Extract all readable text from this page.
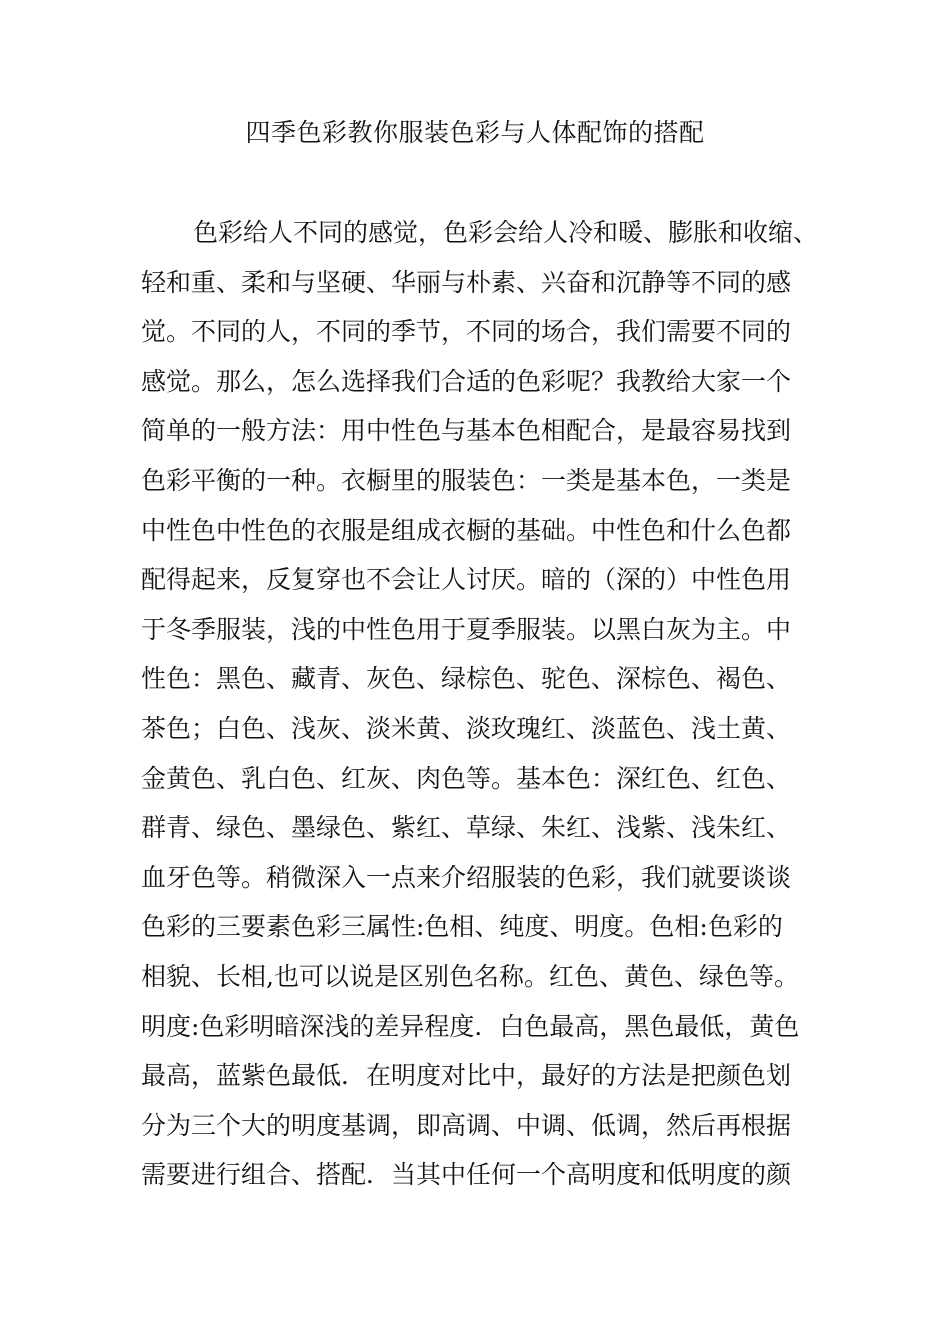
四季色彩教你服装色彩与人体配饰的搭配
色彩给人不同的感觉，色彩会给人冷和暖、膨胀和收缩、
轻和重、柔和与坚硬、华丽与朴素、兴奋和沉静等不同的感
觉。不同的人，不同的季节，不同的场合，我们需要不同的
感觉。那么，怎么选择我们合适的色彩呢？我教给大家一个
简单的一般方法：用中性色与基本色相配合，是最容易找到
色彩平衡的一种。衣橱里的服装色：一类是基本色，一类是
中性色中性色的衣服是组成衣橱的基础。中性色和什么色都
配得起来，反复穿也不会让人讨厌。暗的（深的）中性色用
于冬季服装，浅的中性色用于夏季服装。以黑白灰为主。中
性色：黑色、藏青、灰色、绿棕色、驼色、深棕色、褐色、
茶色；白色、浅灰、淡米黄、淡玫瑰红、淡蓝色、浅土黄、
金黄色、乳白色、红灰、肉色等。基本色：深红色、红色、
群青、绿色、墨绿色、紫红、草绿、朱红、浅紫、浅朱红、
血牙色等。稍微深入一点来介绍服装的色彩，我们就要谈谈
色彩的三要素色彩三属性:色相、纯度、明度。色相:色彩的
相貌、长相,也可以说是区别色名称。红色、黄色、绿色等。
明度:色彩明暗深浅的差异程度．白色最高，黑色最低，黄色
最高，蓝紫色最低．在明度对比中，最好的方法是把颜色划
分为三个大的明度基调，即高调、中调、低调，然后再根据
需要进行组合、搭配．当其中任何一个高明度和低明度的颜
